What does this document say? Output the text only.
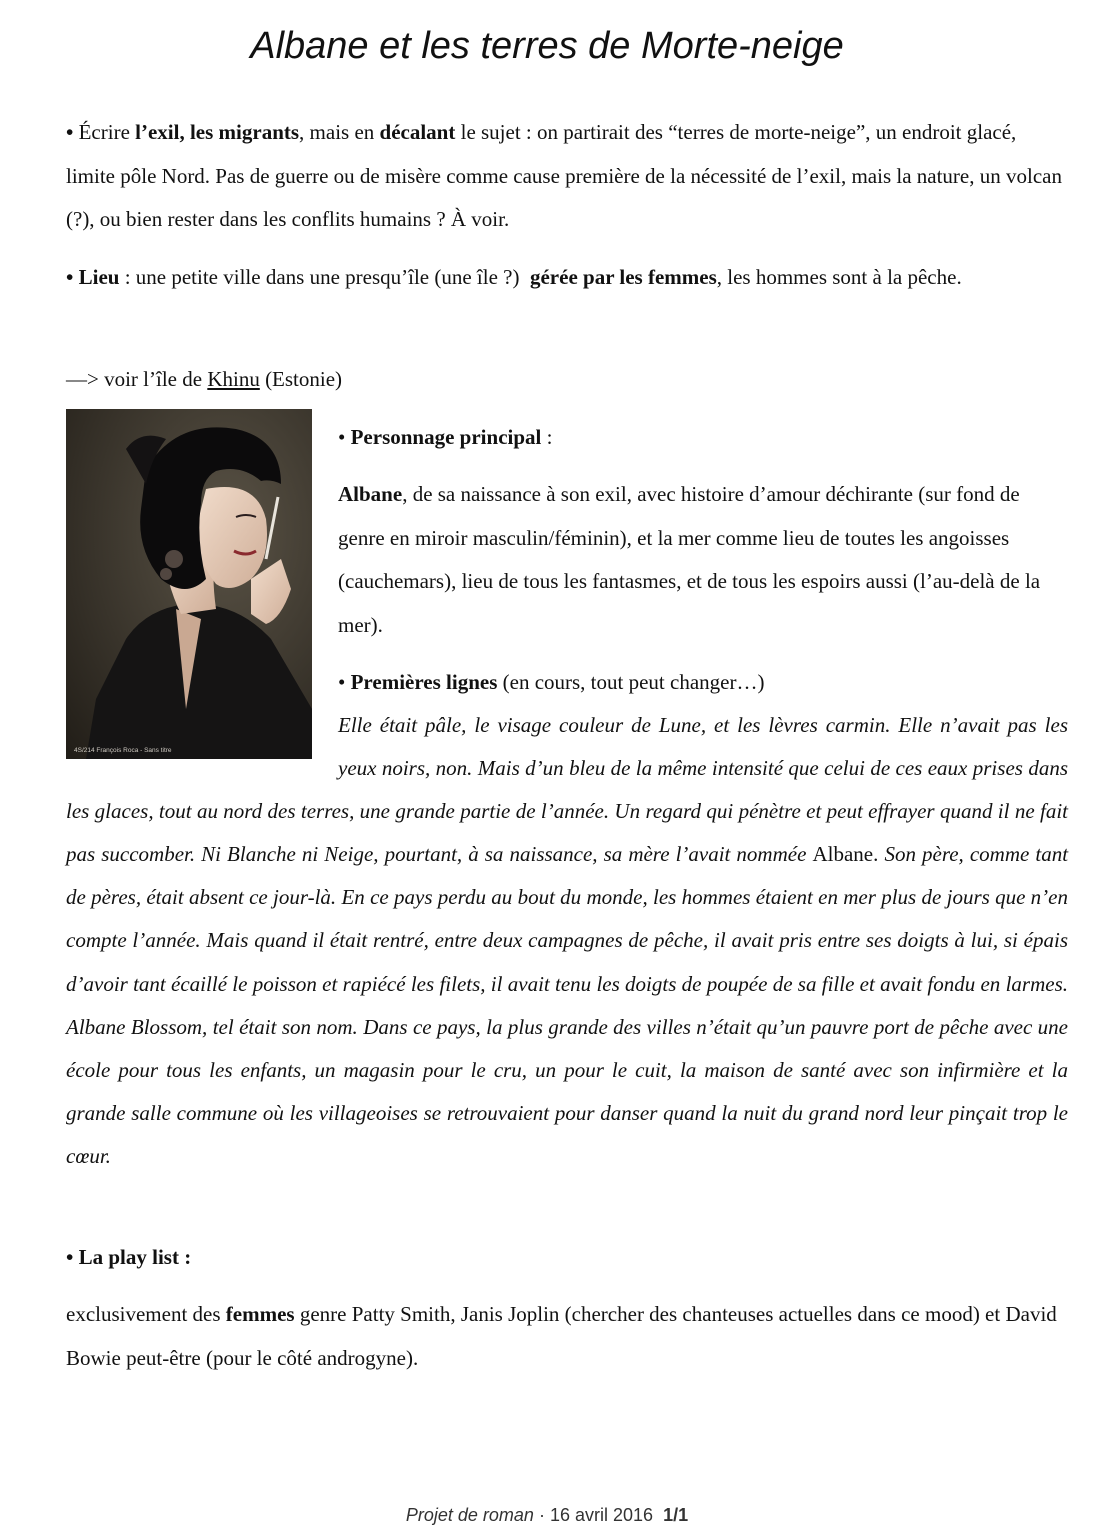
Albane et les terres de Morte-neige
• Écrire l’exil, les migrants, mais en décalant le sujet : on partirait des “terres de morte-neige”, un endroit glacé, limite pôle Nord. Pas de guerre ou de misère comme cause première de la nécessité de l’exil, mais la nature, un volcan (?), ou bien rester dans les conflits humains ? À voir.
• Lieu : une petite ville dans une presqu’île (une île ?) gérée par les femmes, les hommes sont à la pêche.
—> voir l’île de Khinu (Estonie)
4S/214 François Roca - Sans titre
• Personnage principal :
Albane, de sa naissance à son exil, avec histoire d’amour déchirante (sur fond de genre en miroir masculin/féminin), et la mer comme lieu de toutes les angoisses (cauchemars), lieu de tous les fantasmes, et de tous les espoirs aussi (l’au-delà de la mer).
• Premières lignes (en cours, tout peut changer…)
Elle était pâle, le visage couleur de Lune, et les lèvres carmin. Elle n’avait pas les yeux noirs, non. Mais d’un bleu de la même intensité que celui de ces eaux prises dans les glaces, tout au nord des terres, une grande partie de l’année. Un regard qui pénètre et peut effrayer quand il ne fait pas succomber. Ni Blanche ni Neige, pourtant, à sa naissance, sa mère l’avait nommée Albane. Son père, comme tant de pères, était absent ce jour-là. En ce pays perdu au bout du monde, les hommes étaient en mer plus de jours que n’en compte l’année. Mais quand il était rentré, entre deux campagnes de pêche, il avait pris entre ses doigts à lui, si épais d’avoir tant écaillé le poisson et rapiécé les filets, il avait tenu les doigts de poupée de sa fille et avait fondu en larmes. Albane Blossom, tel était son nom. Dans ce pays, la plus grande des villes n’était qu’un pauvre port de pêche avec une école pour tous les enfants, un magasin pour le cru, un pour le cuit, la maison de santé avec son infirmière et la grande salle commune où les villageoises se retrouvaient pour danser quand la nuit du grand nord leur pinçait trop le cœur.
• La play list :
exclusivement des femmes genre Patty Smith, Janis Joplin (chercher des chanteuses actuelles dans ce mood) et David Bowie peut-être (pour le côté androgyne).
Projet de roman · 16 avril 2016 1/1
